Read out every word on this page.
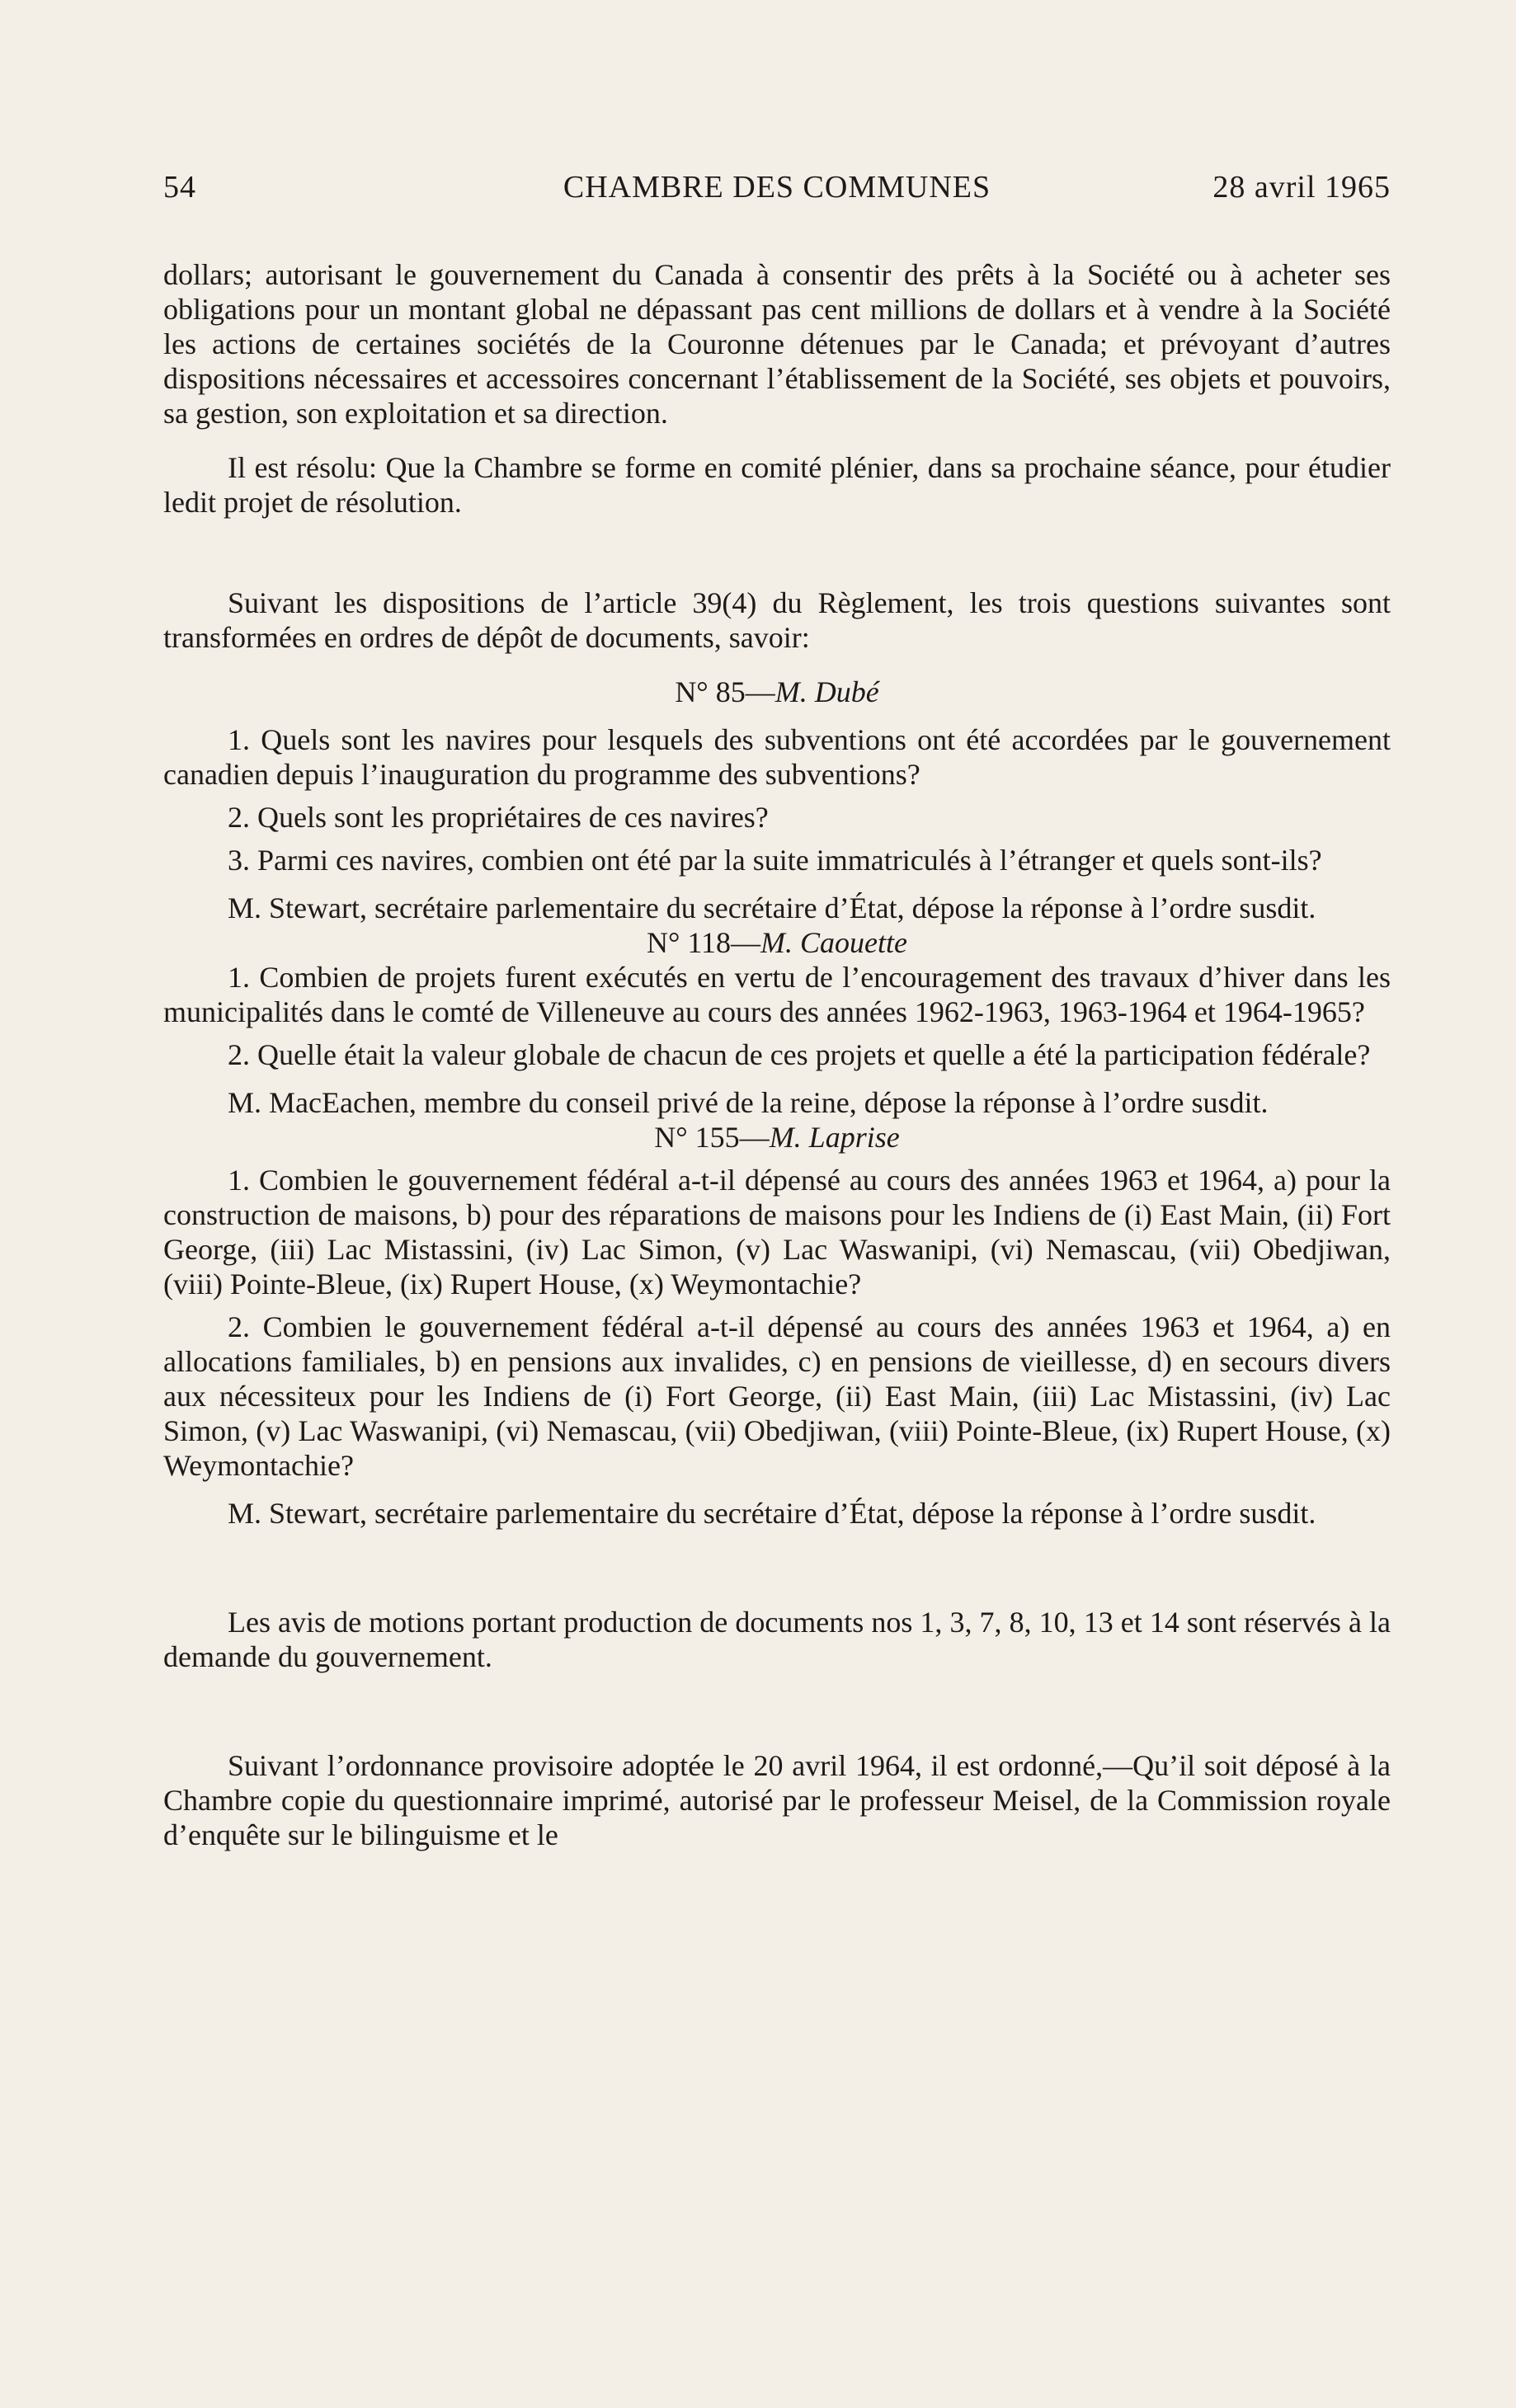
54	CHAMBRE DES COMMUNES	28 avril 1965

dollars; autorisant le gouvernement du Canada à consentir des prêts à la Société ou à acheter ses obligations pour un montant global ne dépassant pas cent millions de dollars et à vendre à la Société les actions de certaines sociétés de la Couronne détenues par le Canada; et prévoyant d’autres dispositions nécessaires et accessoires concernant l’établissement de la Société, ses objets et pouvoirs, sa gestion, son exploitation et sa direction.

Il est résolu: Que la Chambre se forme en comité plénier, dans sa prochaine séance, pour étudier ledit projet de résolution.

Suivant les dispositions de l’article 39(4) du Règlement, les trois questions suivantes sont transformées en ordres de dépôt de documents, savoir:

N° 85—M. Dubé

1. Quels sont les navires pour lesquels des subventions ont été accordées par le gouvernement canadien depuis l’inauguration du programme des subventions?

2. Quels sont les propriétaires de ces navires?

3. Parmi ces navires, combien ont été par la suite immatriculés à l’étranger et quels sont-ils?

M. Stewart, secrétaire parlementaire du secrétaire d’État, dépose la réponse à l’ordre susdit.

N° 118—M. Caouette

1. Combien de projets furent exécutés en vertu de l’encouragement des travaux d’hiver dans les municipalités dans le comté de Villeneuve au cours des années 1962-1963, 1963-1964 et 1964-1965?

2. Quelle était la valeur globale de chacun de ces projets et quelle a été la participation fédérale?

M. MacEachen, membre du conseil privé de la reine, dépose la réponse à l’ordre susdit.

N° 155—M. Laprise

1. Combien le gouvernement fédéral a-t-il dépensé au cours des années 1963 et 1964, a) pour la construction de maisons, b) pour des réparations de maisons pour les Indiens de (i) East Main, (ii) Fort George, (iii) Lac Mistassini, (iv) Lac Simon, (v) Lac Waswanipi, (vi) Nemascau, (vii) Obedjiwan, (viii) Pointe-Bleue, (ix) Rupert House, (x) Weymontachie?

2. Combien le gouvernement fédéral a-t-il dépensé au cours des années 1963 et 1964, a) en allocations familiales, b) en pensions aux invalides, c) en pensions de vieillesse, d) en secours divers aux nécessiteux pour les Indiens de (i) Fort George, (ii) East Main, (iii) Lac Mistassini, (iv) Lac Simon, (v) Lac Waswanipi, (vi) Nemascau, (vii) Obedjiwan, (viii) Pointe-Bleue, (ix) Rupert House, (x) Weymontachie?

M. Stewart, secrétaire parlementaire du secrétaire d’État, dépose la réponse à l’ordre susdit.

Les avis de motions portant production de documents nos 1, 3, 7, 8, 10, 13 et 14 sont réservés à la demande du gouvernement.

Suivant l’ordonnance provisoire adoptée le 20 avril 1964, il est ordonné,—Qu’il soit déposé à la Chambre copie du questionnaire imprimé, autorisé par le professeur Meisel, de la Commission royale d’enquête sur le bilinguisme et le
